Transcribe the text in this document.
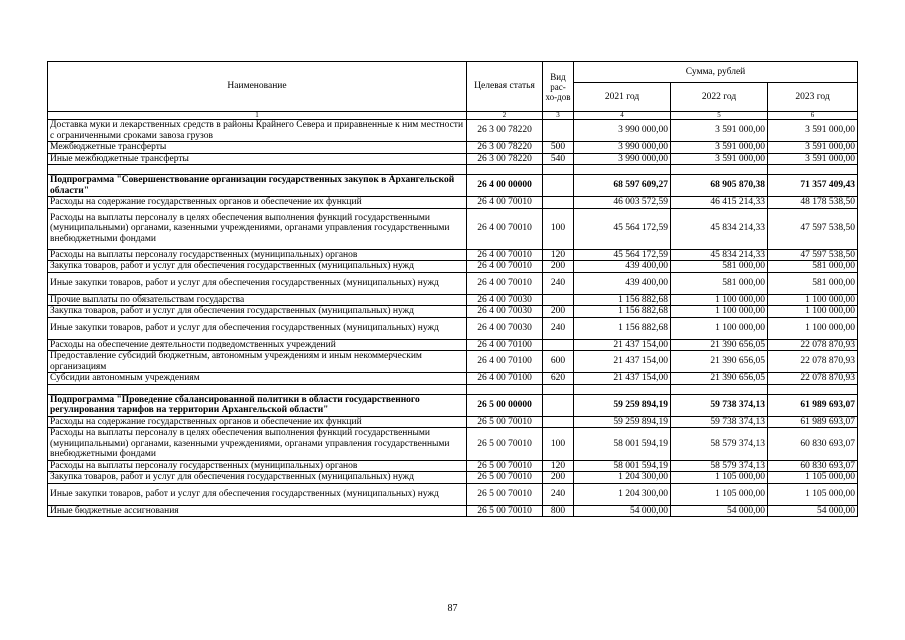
Наименование	Целевая статья	Вид рас-хо-дов	Сумма, рублей		
			2021 год	2022 год	2023 год
1	2	3	4	5	6
Доставка муки и лекарственных средств в районы Крайнего Севера и приравненные к ним местности с ограниченными сроками завоза грузов	26 3 00 78220		3 990 000,00	3 591 000,00	3 591 000,00
Межбюджетные трансферты	26 3 00 78220	500	3 990 000,00	3 591 000,00	3 591 000,00
Иные межбюджетные трансферты	26 3 00 78220	540	3 990 000,00	3 591 000,00	3 591 000,00

Подпрограмма "Совершенствование организации государственных закупок в Архангельской области"	26 4 00 00000		68 597 609,27	68 905 870,38	71 357 409,43
Расходы на содержание государственных органов и обеспечение их функций	26 4 00 70010		46 003 572,59	46 415 214,33	48 178 538,50
Расходы на выплаты персоналу в целях обеспечения выполнения функций государственными (муниципальными) органами, казенными учреждениями, органами управления государственными внебюджетными фондами	26 4 00 70010	100	45 564 172,59	45 834 214,33	47 597 538,50
Расходы на выплаты персоналу государственных (муниципальных) органов	26 4 00 70010	120	45 564 172,59	45 834 214,33	47 597 538,50
Закупка товаров, работ и услуг для обеспечения государственных (муниципальных) нужд	26 4 00 70010	200	439 400,00	581 000,00	581 000,00
Иные закупки товаров, работ и услуг для обеспечения государственных (муниципальных) нужд	26 4 00 70010	240	439 400,00	581 000,00	581 000,00
Прочие выплаты по обязательствам государства	26 4 00 70030		1 156 882,68	1 100 000,00	1 100 000,00
Закупка товаров, работ и услуг для обеспечения государственных (муниципальных) нужд	26 4 00 70030	200	1 156 882,68	1 100 000,00	1 100 000,00
Иные закупки товаров, работ и услуг для обеспечения государственных (муниципальных) нужд	26 4 00 70030	240	1 156 882,68	1 100 000,00	1 100 000,00
Расходы на обеспечение деятельности подведомственных учреждений	26 4 00 70100		21 437 154,00	21 390 656,05	22 078 870,93
Предоставление субсидий бюджетным, автономным учреждениям и иным некоммерческим организациям	26 4 00 70100	600	21 437 154,00	21 390 656,05	22 078 870,93
Субсидии автономным учреждениям	26 4 00 70100	620	21 437 154,00	21 390 656,05	22 078 870,93

Подпрограмма "Проведение сбалансированной политики в области государственного регулирования тарифов на территории Архангельской области"	26 5 00 00000		59 259 894,19	59 738 374,13	61 989 693,07
Расходы на содержание государственных органов и обеспечение их функций	26 5 00 70010		59 259 894,19	59 738 374,13	61 989 693,07
Расходы на выплаты персоналу в целях обеспечения выполнения функций государственными (муниципальными) органами, казенными учреждениями, органами управления государственными внебюджетными фондами	26 5 00 70010	100	58 001 594,19	58 579 374,13	60 830 693,07
Расходы на выплаты персоналу государственных (муниципальных) органов	26 5 00 70010	120	58 001 594,19	58 579 374,13	60 830 693,07
Закупка товаров, работ и услуг для обеспечения государственных (муниципальных) нужд	26 5 00 70010	200	1 204 300,00	1 105 000,00	1 105 000,00
Иные закупки товаров, работ и услуг для обеспечения государственных (муниципальных) нужд	26 5 00 70010	240	1 204 300,00	1 105 000,00	1 105 000,00
Иные бюджетные ассигнования	26 5 00 70010	800	54 000,00	54 000,00	54 000,00
87
